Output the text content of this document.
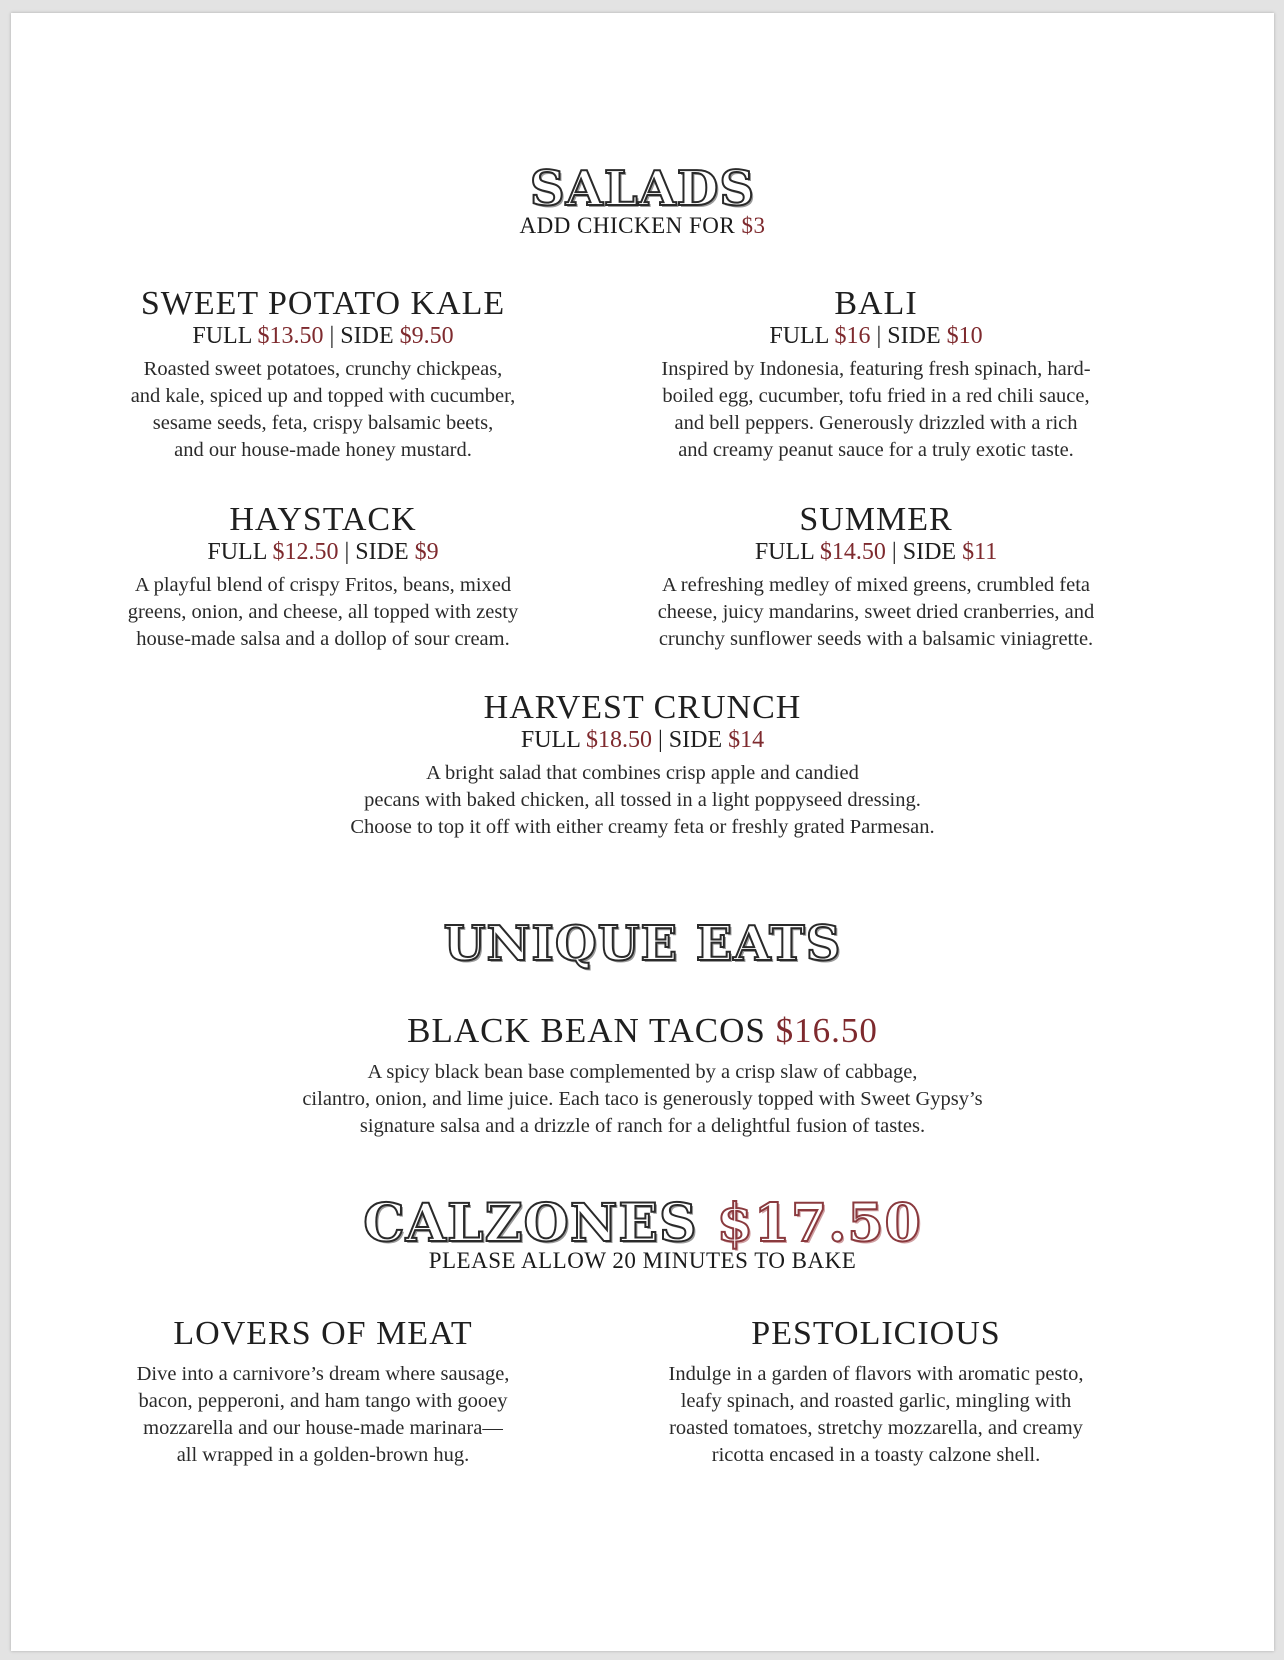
SALADS
ADD CHICKEN FOR $3
SWEET POTATO KALE
FULL $13.50 | SIDE $9.50
Roasted sweet potatoes, crunchy chickpeas,
and kale, spiced up and topped with cucumber,
sesame seeds, feta, crispy balsamic beets,
and our house-made honey mustard.
BALI
FULL $16 | SIDE $10
Inspired by Indonesia, featuring fresh spinach, hard-
boiled egg, cucumber, tofu fried in a red chili sauce,
and bell peppers. Generously drizzled with a rich
and creamy peanut sauce for a truly exotic taste.
HAYSTACK
FULL $12.50 | SIDE $9
A playful blend of crispy Fritos, beans, mixed
greens, onion, and cheese, all topped with zesty
house-made salsa and a dollop of sour cream.
SUMMER
FULL $14.50 | SIDE $11
A refreshing medley of mixed greens, crumbled feta
cheese, juicy mandarins, sweet dried cranberries, and
crunchy sunflower seeds with a balsamic viniagrette.
HARVEST CRUNCH
FULL $18.50 | SIDE $14
A bright salad that combines crisp apple and candied
pecans with baked chicken, all tossed in a light poppyseed dressing.
Choose to top it off with either creamy feta or freshly grated Parmesan.
UNIQUE EATS
BLACK BEAN TACOS $16.50
A spicy black bean base complemented by a crisp slaw of cabbage,
cilantro, onion, and lime juice. Each taco is generously topped with Sweet Gypsy’s
signature salsa and a drizzle of ranch for a delightful fusion of tastes.
CALZONES $17.50
PLEASE ALLOW 20 MINUTES TO BAKE
LOVERS OF MEAT
Dive into a carnivore’s dream where sausage,
bacon, pepperoni, and ham tango with gooey
mozzarella and our house-made marinara—
all wrapped in a golden-brown hug.
PESTOLICIOUS
Indulge in a garden of flavors with aromatic pesto,
leafy spinach, and roasted garlic, mingling with
roasted tomatoes, stretchy mozzarella, and creamy
ricotta encased in a toasty calzone shell.
